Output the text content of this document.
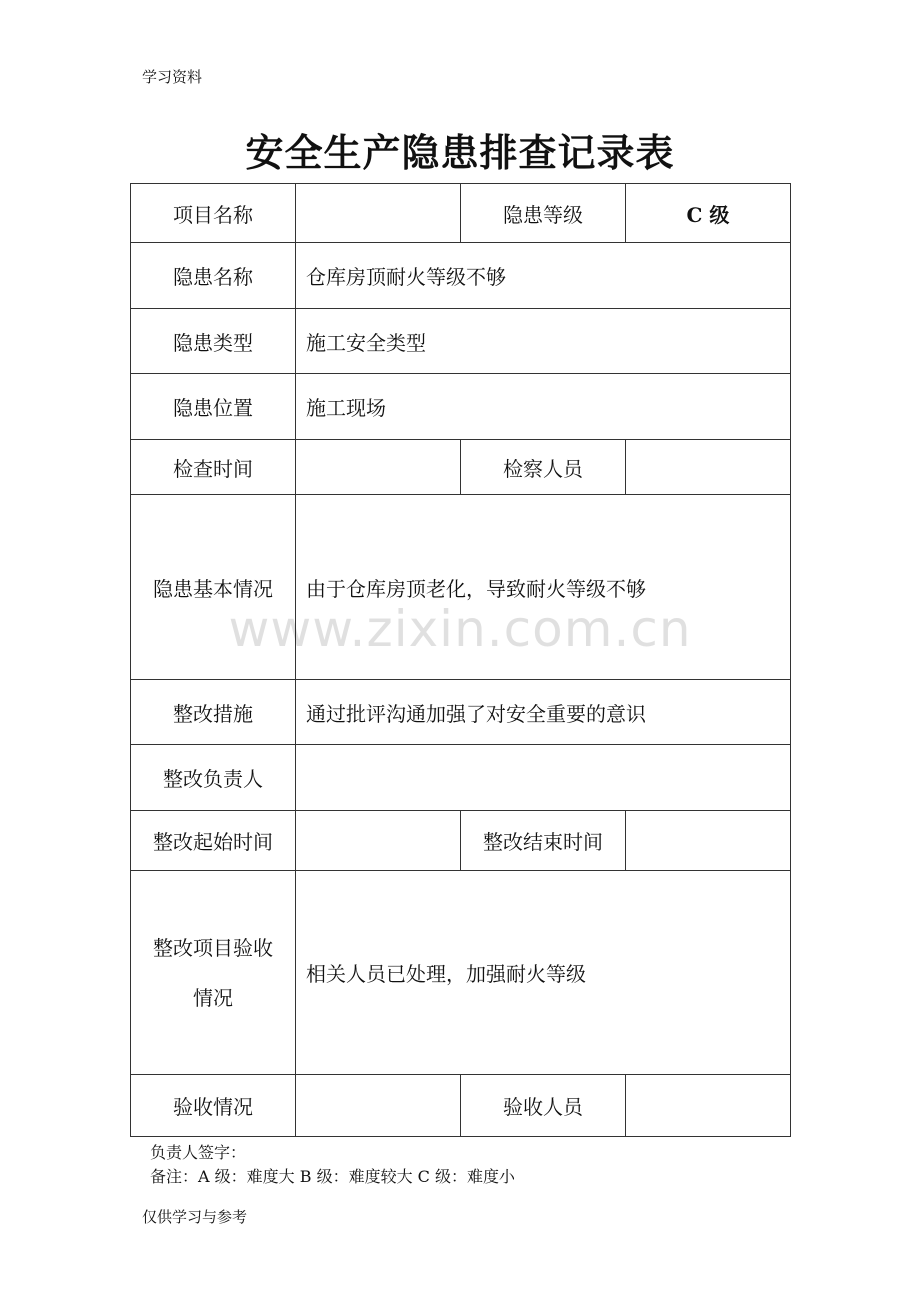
学习资料
安全生产隐患排查记录表
项目名称		隐患等级	C 级
隐患名称	仓库房顶耐火等级不够		
隐患类型	施工安全类型		
隐患位置	施工现场		
检查时间		检察人员	
隐患基本情况	由于仓库房顶老化，导致耐火等级不够		
整改措施	通过批评沟通加强了对安全重要的意识		
整改负责人			
整改起始时间		整改结束时间	

整改项目验收
情况	相关人员已处理，加强耐火等级		
验收情况		验收人员	
www.zixin.com.cn
负责人签字：
备注：A 级：难度大 B 级：难度较大 C 级：难度小
仅供学习与参考
